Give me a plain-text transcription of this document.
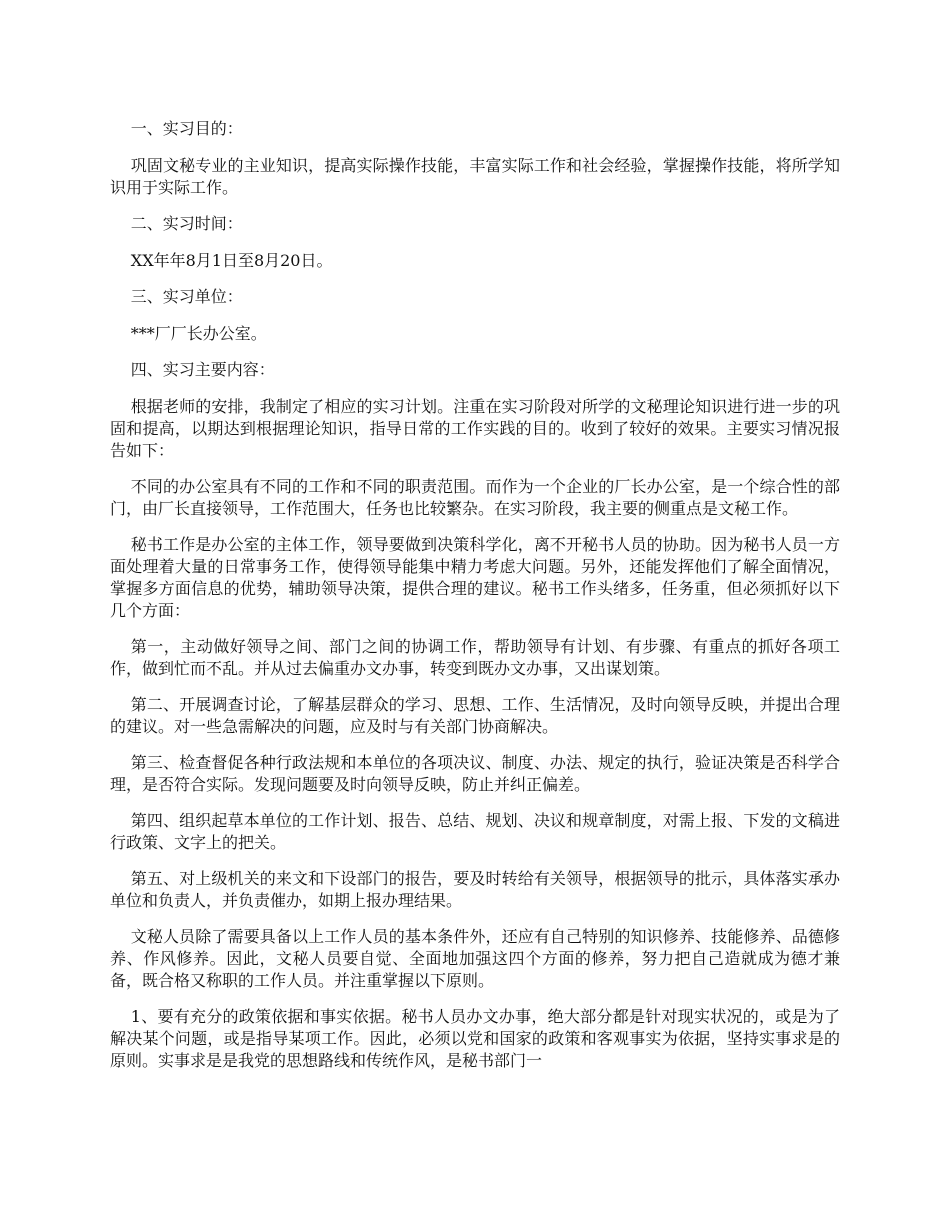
一、实习目的：

巩固文秘专业的主业知识，提高实际操作技能，丰富实际工作和社会经验，掌握操作技能，将所学知识用于实际工作。

二、实习时间：

XX年年8月1日至8月20日。

三、实习单位：

***厂厂长办公室。

四、实习主要内容：

根据老师的安排，我制定了相应的实习计划。注重在实习阶段对所学的文秘理论知识进行进一步的巩固和提高，以期达到根据理论知识，指导日常的工作实践的目的。收到了较好的效果。主要实习情况报告如下：

不同的办公室具有不同的工作和不同的职责范围。而作为一个企业的厂长办公室，是一个综合性的部门，由厂长直接领导，工作范围大，任务也比较繁杂。在实习阶段，我主要的侧重点是文秘工作。

秘书工作是办公室的主体工作，领导要做到决策科学化，离不开秘书人员的协助。因为秘书人员一方面处理着大量的日常事务工作，使得领导能集中精力考虑大问题。另外，还能发挥他们了解全面情况，掌握多方面信息的优势，辅助领导决策，提供合理的建议。秘书工作头绪多，任务重，但必须抓好以下几个方面：

第一，主动做好领导之间、部门之间的协调工作，帮助领导有计划、有步骤、有重点的抓好各项工作，做到忙而不乱。并从过去偏重办文办事，转变到既办文办事，又出谋划策。

第二、开展调查讨论，了解基层群众的学习、思想、工作、生活情况，及时向领导反映，并提出合理的建议。对一些急需解决的问题，应及时与有关部门协商解决。

第三、检查督促各种行政法规和本单位的各项决议、制度、办法、规定的执行，验证决策是否科学合理，是否符合实际。发现问题要及时向领导反映，防止并纠正偏差。

第四、组织起草本单位的工作计划、报告、总结、规划、决议和规章制度，对需上报、下发的文稿进行政策、文字上的把关。

第五、对上级机关的来文和下设部门的报告，要及时转给有关领导，根据领导的批示，具体落实承办单位和负责人，并负责催办，如期上报办理结果。

文秘人员除了需要具备以上工作人员的基本条件外，还应有自己特别的知识修养、技能修养、品德修养、作风修养。因此，文秘人员要自觉、全面地加强这四个方面的修养，努力把自己造就成为德才兼备，既合格又称职的工作人员。并注重掌握以下原则。

1、要有充分的政策依据和事实依据。秘书人员办文办事，绝大部分都是针对现实状况的，或是为了解决某个问题，或是指导某项工作。因此，必须以党和国家的政策和客观事实为依据，坚持实事求是的原则。实事求是是我党的思想路线和传统作风，是秘书部门一
